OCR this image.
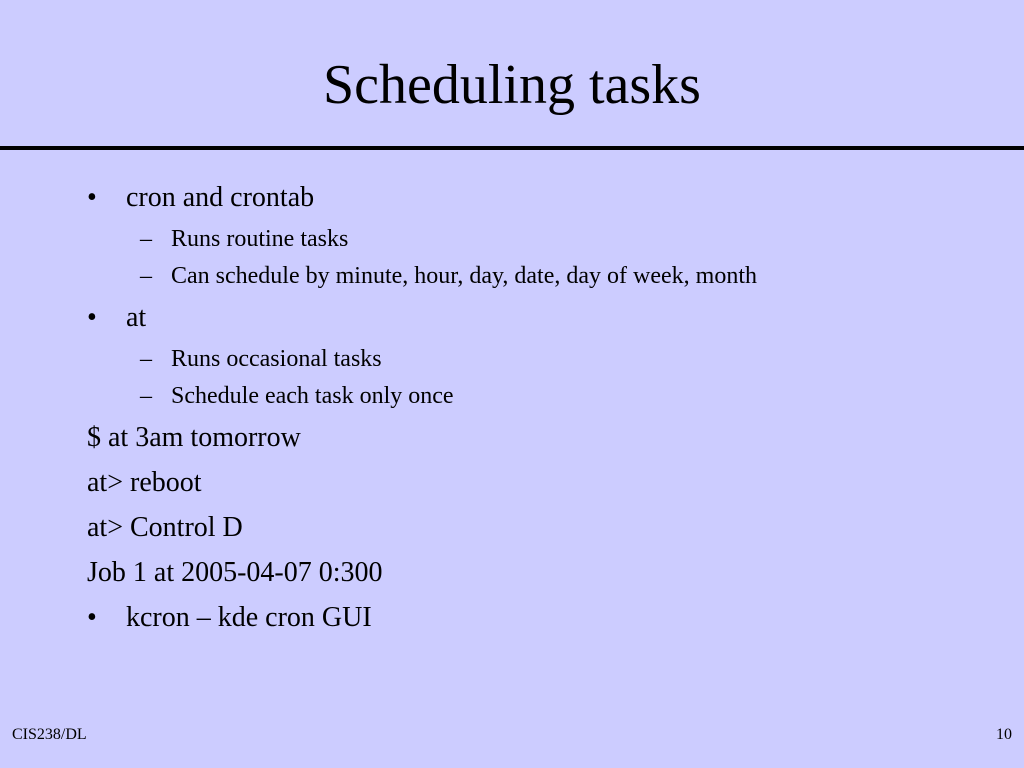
Scheduling tasks
• cron and crontab
– Runs routine tasks
– Can schedule by minute, hour, day, date, day of week, month
• at
– Runs occasional tasks
– Schedule each task only once
$ at 3am tomorrow
at> reboot
at> Control D
Job 1 at 2005-04-07 0:300
• kcron – kde cron GUI
CIS238/DL	10
